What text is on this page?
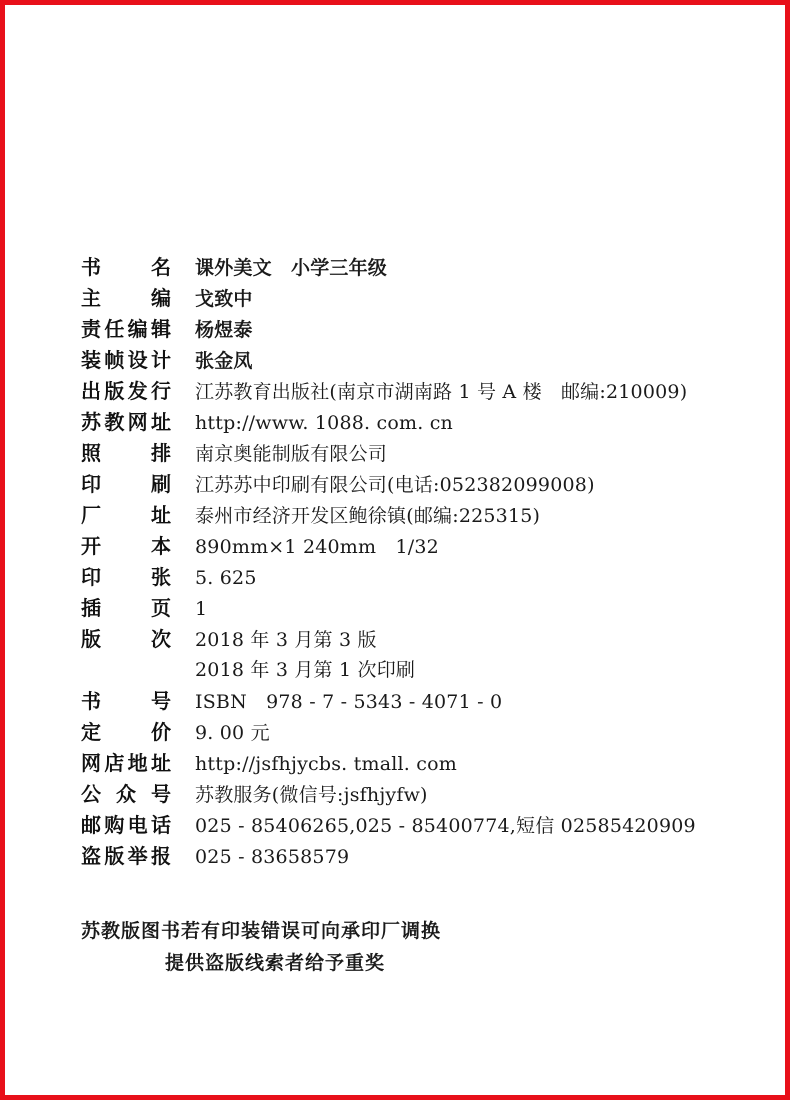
书	名 课外美文　小学三年级
主	编 戈致中
责 任 编 辑 杨煜泰
装 帧 设 计 张金凤
出 版 发 行 江苏教育出版社(南京市湖南路 1 号 A 楼　邮编:210009)
苏 教 网 址 http://www. 1088. com. cn
照	排 南京奥能制版有限公司
印	刷 江苏苏中印刷有限公司(电话:052382099008)
厂	址 泰州市经济开发区鲍徐镇(邮编:225315)
开	本 890mm×1 240mm　1/32
印	张 5. 625
插	页 1
版	次 2018 年 3 月第 3 版
2018 年 3 月第 1 次印刷
书	号 ISBN　978 - 7 - 5343 - 4071 - 0
定	价 9. 00 元
网 店 地 址 http://jsfhjycbs. tmall. com
公 众 号 苏教服务(微信号:jsfhjyfw)
邮 购 电 话 025 - 85406265,025 - 85400774,短信 02585420909
盗 版 举 报 025 - 83658579
苏教版图书若有印装错误可向承印厂调换
提供盗版线索者给予重奖
